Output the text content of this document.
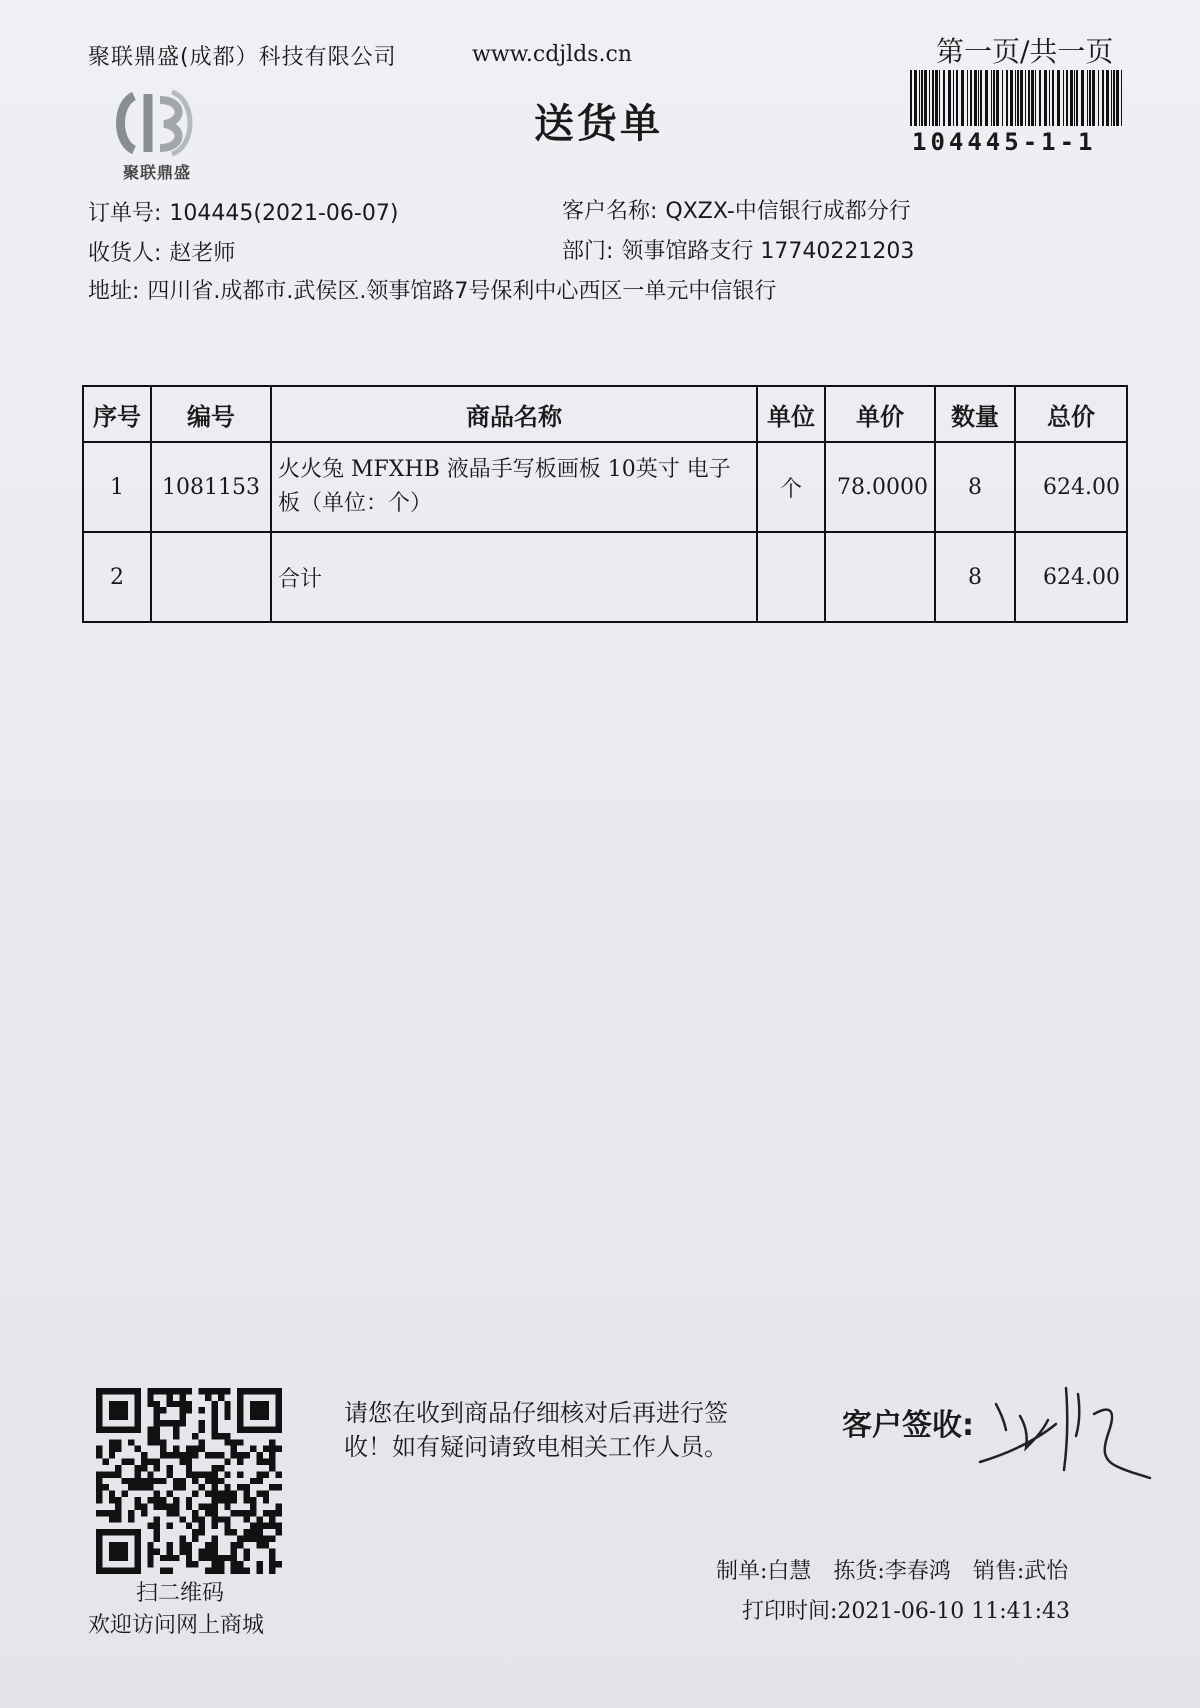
聚联鼎盛(成都）科技有限公司	www.cdjlds.cn	第一页/共一页
送货单
聚联鼎盛
104445-1-1
订单号: 104445(2021-06-07)	客户名称: QXZX-中信银行成都分行
收货人: 赵老师	部门: 领事馆路支行 17740221203
地址: 四川省.成都市.武侯区.领事馆路7号保利中心西区一单元中信银行
序号	编号	商品名称	单位	单价	数量	总价
1	1081153	火火兔 MFXHB 液晶手写板画板 10英寸 电子板（单位：个）	个	78.0000	8	624.00
2		合计			8	624.00
扫二维码
欢迎访问网上商城
请您在收到商品仔细核对后再进行签收！如有疑问请致电相关工作人员。
客户签收:
制单:白慧 拣货:李春鸿 销售:武怡
打印时间:2021-06-10 11:41:43
